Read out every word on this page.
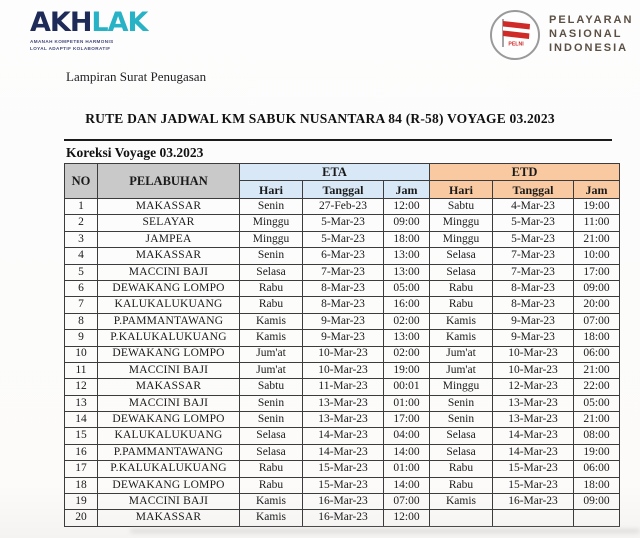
AKHLAK
AMANAH KOMPETEN HARMONIS
LOYAL ADAPTIF KOLABORATIF
PELNI
PELAYARAN
NASIONAL
INDONESIA
Lampiran Surat Penugasan
RUTE DAN JADWAL KM SABUK NUSANTARA 84 (R-58) VOYAGE 03.2023
Koreksi Voyage 03.2023
NO	PELABUHAN	ETA			ETD		
		Hari	Tanggal	Jam	Hari	Tanggal	Jam
1	MAKASSAR	Senin	27-Feb-23	12:00	Sabtu	4-Mar-23	19:00
2	SELAYAR	Minggu	5-Mar-23	09:00	Minggu	5-Mar-23	11:00
3	JAMPEA	Minggu	5-Mar-23	18:00	Minggu	5-Mar-23	21:00
4	MAKASSAR	Senin	6-Mar-23	13:00	Selasa	7-Mar-23	10:00
5	MACCINI BAJI	Selasa	7-Mar-23	13:00	Selasa	7-Mar-23	17:00
6	DEWAKANG LOMPO	Rabu	8-Mar-23	05:00	Rabu	8-Mar-23	09:00
7	KALUKALUKUANG	Rabu	8-Mar-23	16:00	Rabu	8-Mar-23	20:00
8	P.PAMMANTAWANG	Kamis	9-Mar-23	02:00	Kamis	9-Mar-23	07:00
9	P.KALUKALUKUANG	Kamis	9-Mar-23	13:00	Kamis	9-Mar-23	18:00
10	DEWAKANG LOMPO	Jum'at	10-Mar-23	02:00	Jum'at	10-Mar-23	06:00
11	MACCINI BAJI	Jum'at	10-Mar-23	19:00	Jum'at	10-Mar-23	21:00
12	MAKASSAR	Sabtu	11-Mar-23	00:01	Minggu	12-Mar-23	22:00
13	MACCINI BAJI	Senin	13-Mar-23	01:00	Senin	13-Mar-23	05:00
14	DEWAKANG LOMPO	Senin	13-Mar-23	17:00	Senin	13-Mar-23	21:00
15	KALUKALUKUANG	Selasa	14-Mar-23	04:00	Selasa	14-Mar-23	08:00
16	P.PAMMANTAWANG	Selasa	14-Mar-23	14:00	Selasa	14-Mar-23	19:00
17	P.KALUKALUKUANG	Rabu	15-Mar-23	01:00	Rabu	15-Mar-23	06:00
18	DEWAKANG LOMPO	Rabu	15-Mar-23	14:00	Rabu	15-Mar-23	18:00
19	MACCINI BAJI	Kamis	16-Mar-23	07:00	Kamis	16-Mar-23	09:00
20	MAKASSAR	Kamis	16-Mar-23	12:00			
